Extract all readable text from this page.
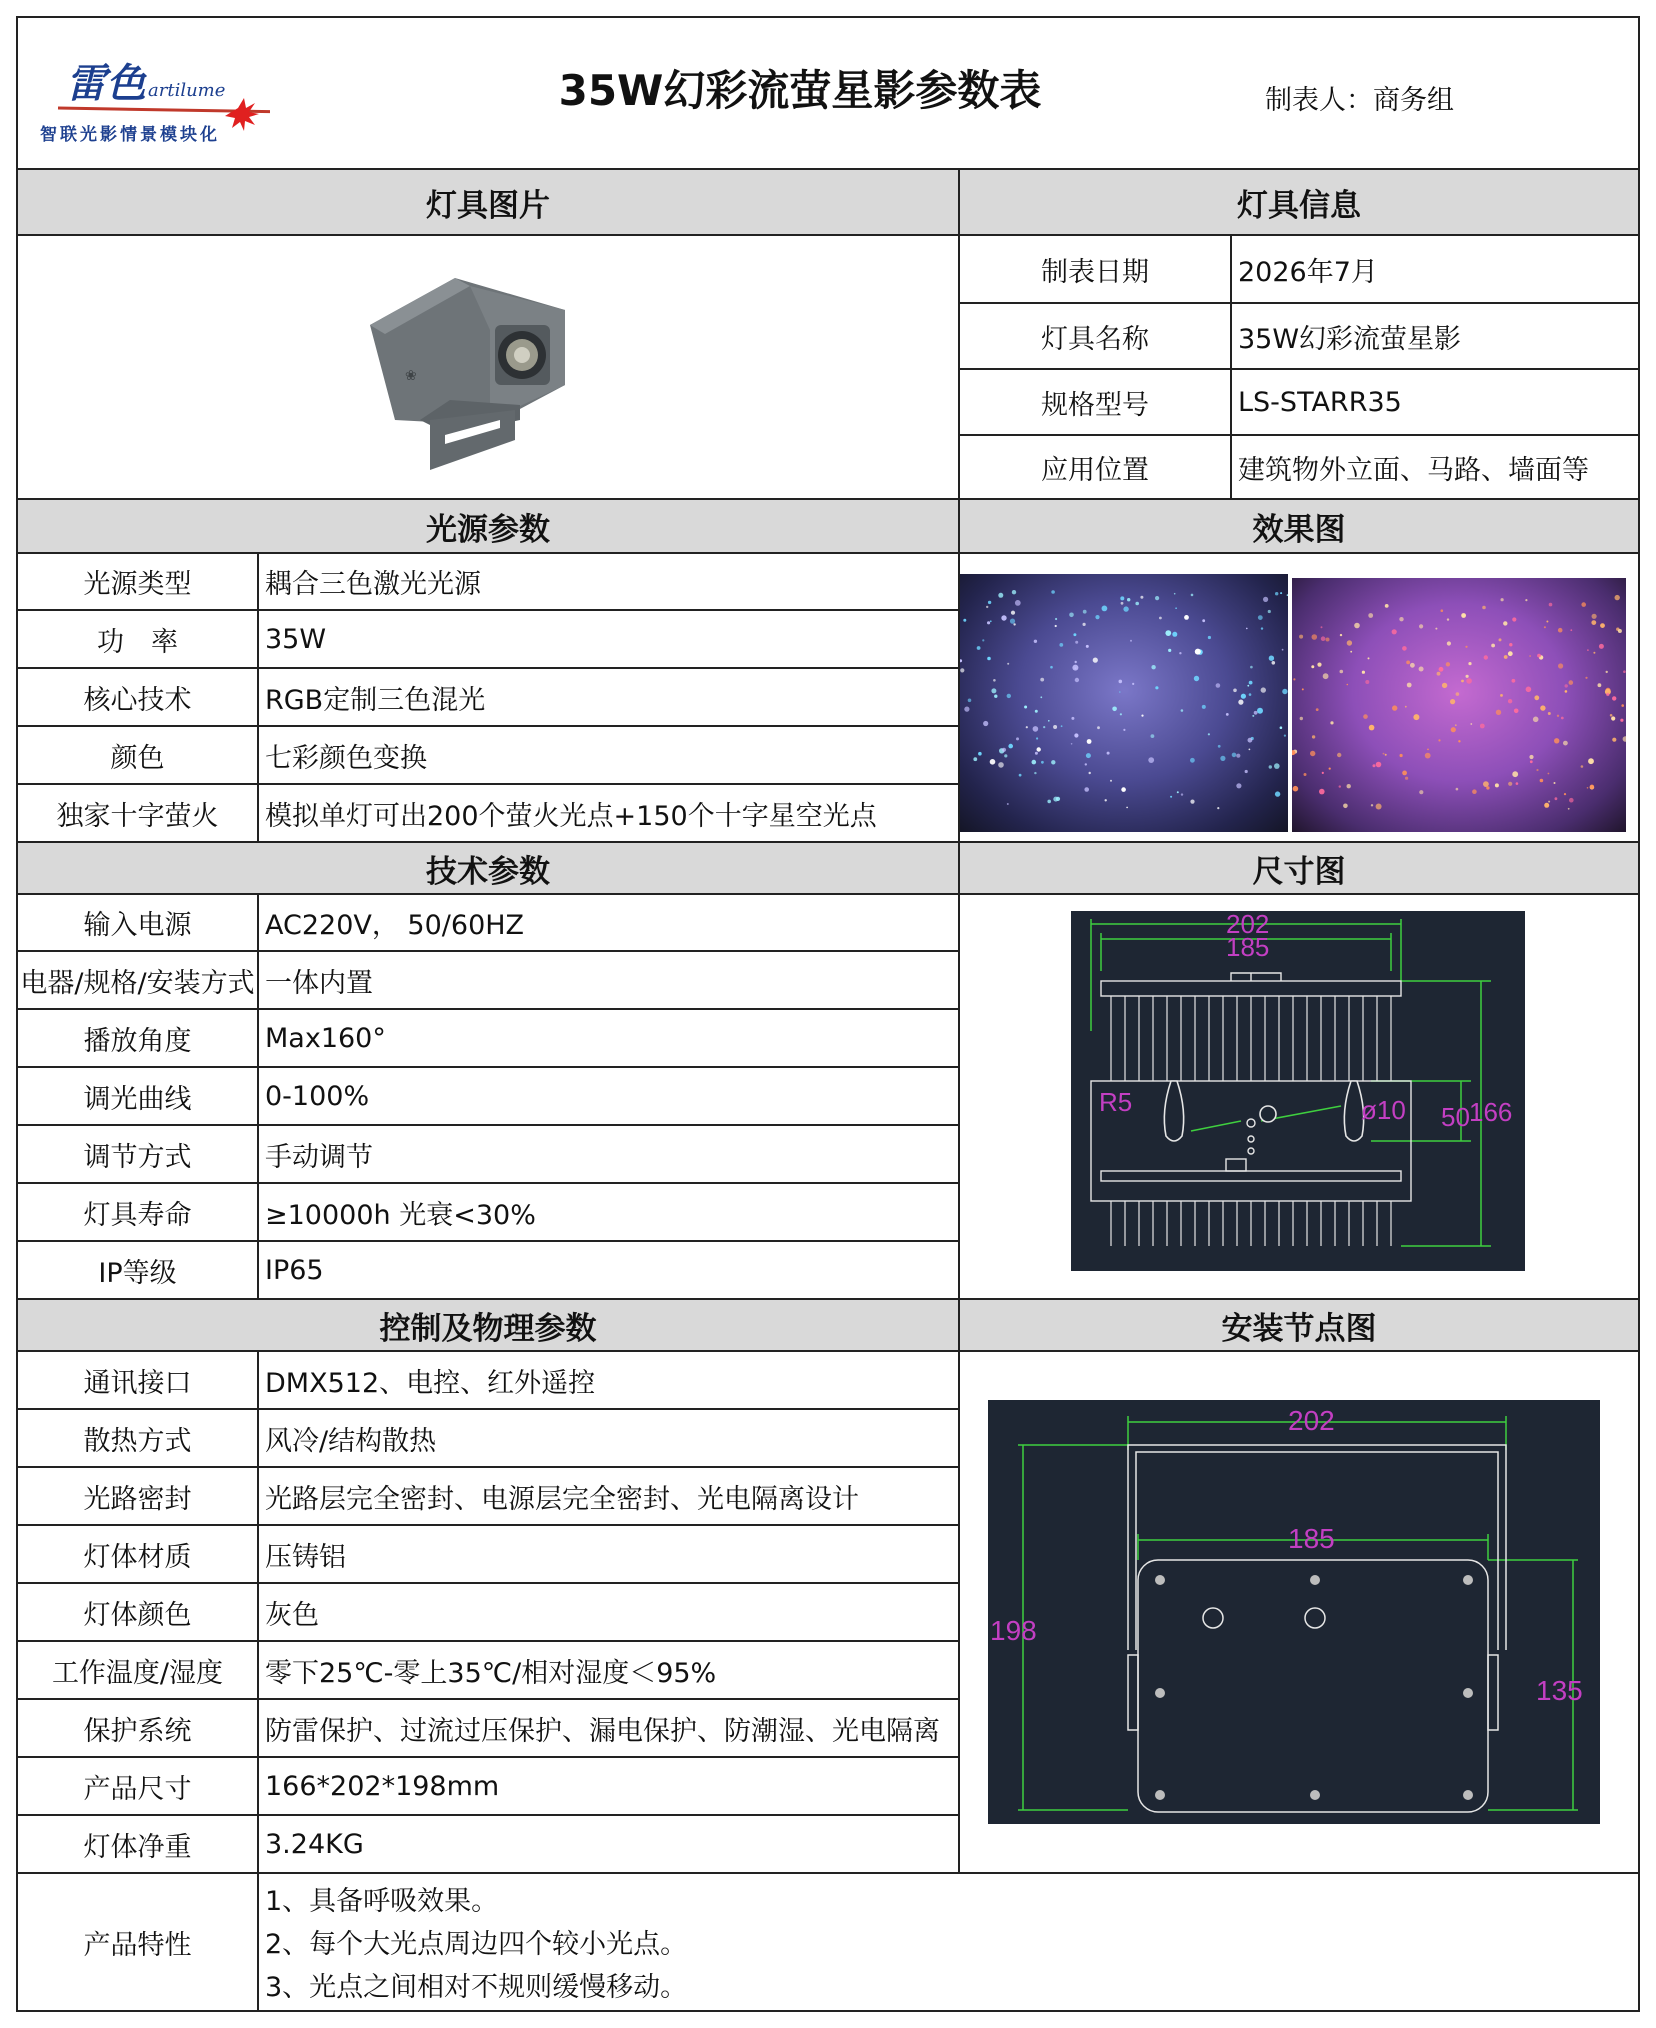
雷色 artilume
智联光影情景模块化
35W幻彩流萤星影参数表	制表人：商务组
灯具图片	灯具信息
光源参数	效果图
技术参数	尺寸图
控制及物理参数	安装节点图
❀
制表日期	2026年7月
灯具名称	35W幻彩流萤星影
规格型号	LS-STARR35
应用位置	建筑物外立面、马路、墙面等
光源类型	耦合三色激光光源
功　率	35W
核心技术	RGB定制三色混光
颜色	七彩颜色变换
独家十字萤火	模拟单灯可出200个萤火光点+150个十字星空光点
输入电源	AC220V， 50/60HZ
电器/规格/安装方式 一体内置
播放角度	Max160°
调光曲线	0-100%
调节方式	手动调节
灯具寿命	≥10000h 光衰<30%
IP等级	IP65
202
185
R5	ø10 50 166
通讯接口	DMX512、电控、红外遥控
散热方式	风冷/结构散热
光路密封	光路层完全密封、电源层完全密封、光电隔离设计
灯体材质	压铸铝
灯体颜色	灰色
工作温度/湿度	零下25℃-零上35℃/相对湿度＜95%
保护系统	防雷保护、过流过压保护、漏电保护、防潮湿、光电隔离
产品尺寸	166*202*198mm
灯体净重	3.24KG
202
185
198
135
产品特性
1、具备呼吸效果。
2、每个大光点周边四个较小光点。
3、光点之间相对不规则缓慢移动。
